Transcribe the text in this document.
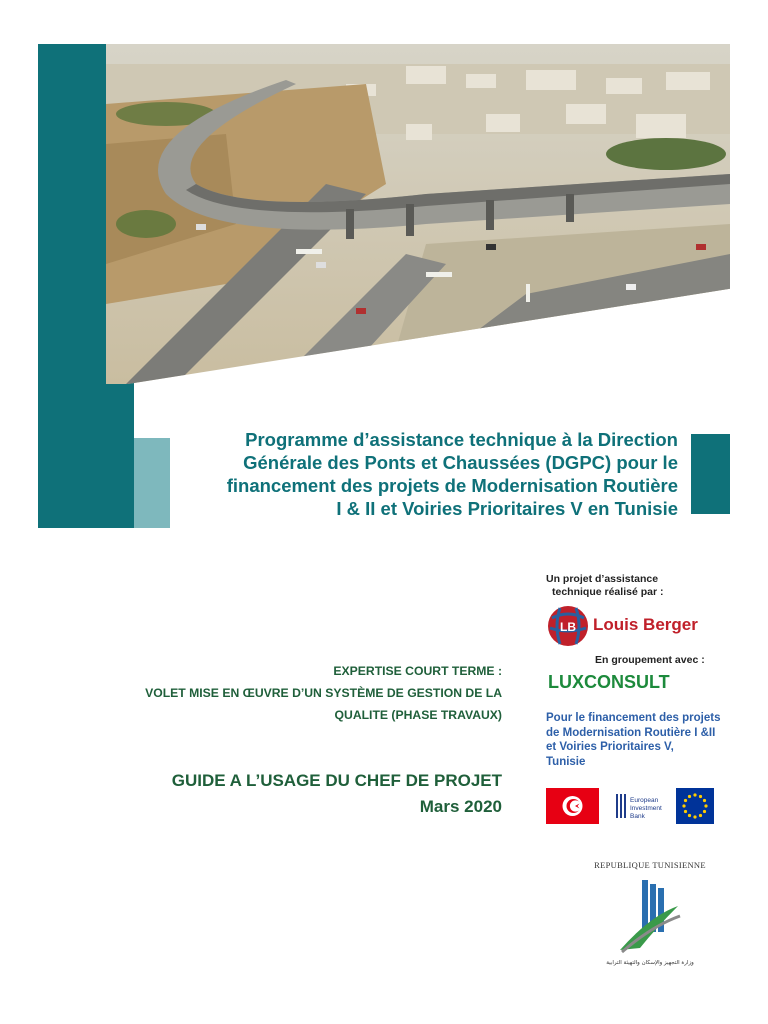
Programme d’assistance technique à la Direction
Générale des Ponts et Chaussées (DGPC) pour le
financement des projets de Modernisation Routière
I & II et Voiries Prioritaires V en Tunisie
EXPERTISE COURT TERME :
VOLET MISE EN ŒUVRE D’UN SYSTÈME DE GESTION DE LA
QUALITE (PHASE TRAVAUX)
GUIDE A L’USAGE DU CHEF DE PROJET
Mars 2020
Un projet d’assistance
technique réalisé par :
LB Louis Berger
En groupement avec :
LUXCONSULT
Pour le financement des projets
de Modernisation Routière I &II
et Voiries Prioritaires V,
Tunisie
European
Investment
Bank
REPUBLIQUE TUNISIENNE
وزارة التجهيز والإسكان والتهيئة الترابية
